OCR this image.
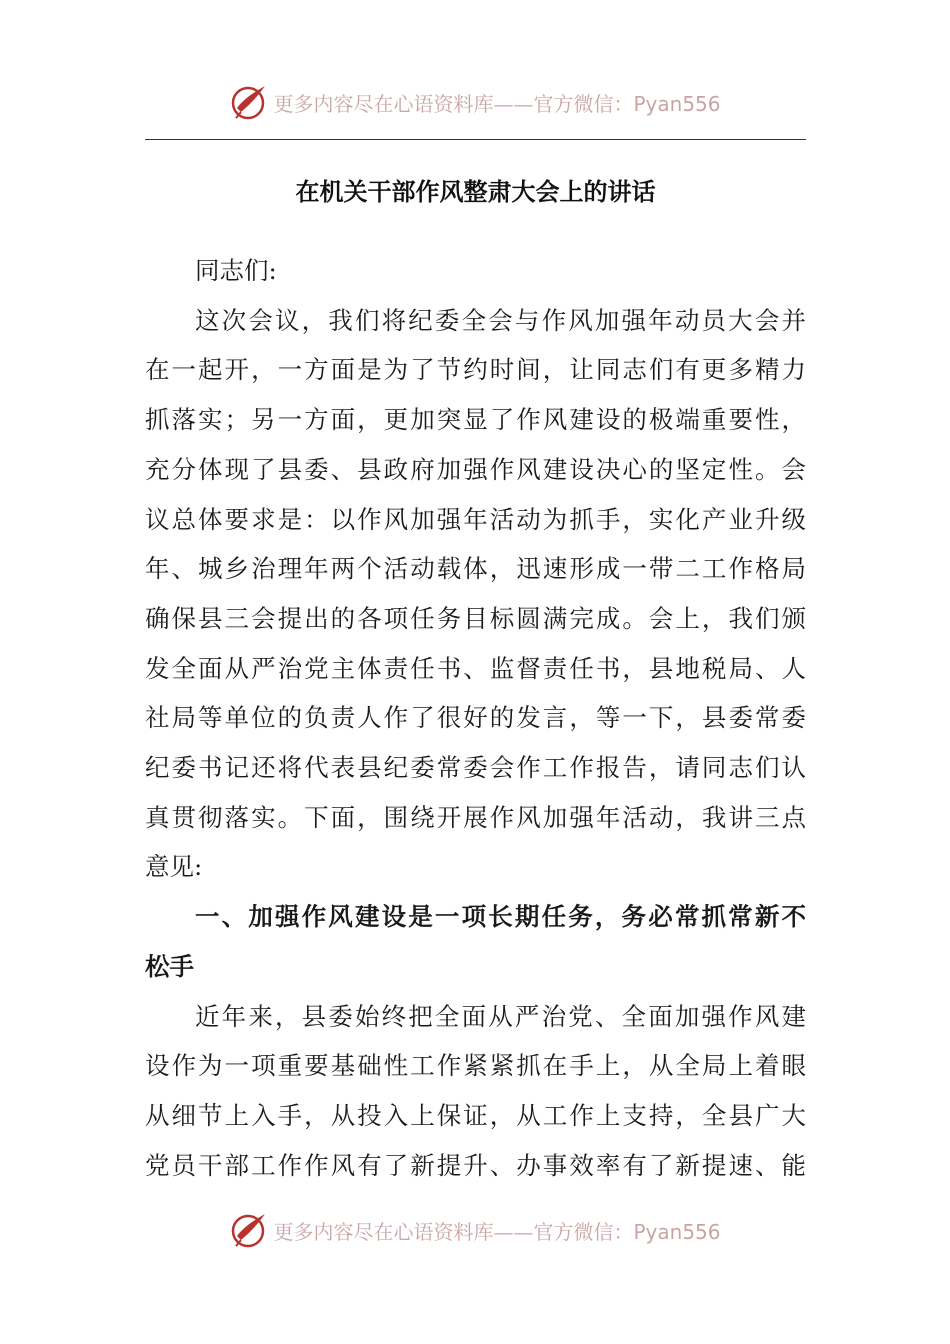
更多内容尽在心语资料库——官方微信：Pyan556
在机关干部作风整肃大会上的讲话

同志们:

这次会议，我们将纪委全会与作风加强年动员大会并
在一起开，一方面是为了节约时间，让同志们有更多精力
抓落实；另一方面，更加突显了作风建设的极端重要性，
充分体现了县委、县政府加强作风建设决心的坚定性。会
议总体要求是：以作风加强年活动为抓手，实化产业升级
年、城乡治理年两个活动载体，迅速形成一带二工作格局
确保县三会提出的各项任务目标圆满完成。会上，我们颁
发全面从严治党主体责任书、监督责任书，县地税局、人
社局等单位的负责人作了很好的发言，等一下，县委常委
纪委书记还将代表县纪委常委会作工作报告，请同志们认
真贯彻落实。下面，围绕开展作风加强年活动，我讲三点
意见:

一、加强作风建设是一项长期任务，务必常抓常新不
松手

近年来，县委始终把全面从严治党、全面加强作风建
设作为一项重要基础性工作紧紧抓在手上，从全局上着眼
从细节上入手，从投入上保证，从工作上支持，全县广大
党员干部工作作风有了新提升、办事效率有了新提速、能

更多内容尽在心语资料库——官方微信：Pyan556
